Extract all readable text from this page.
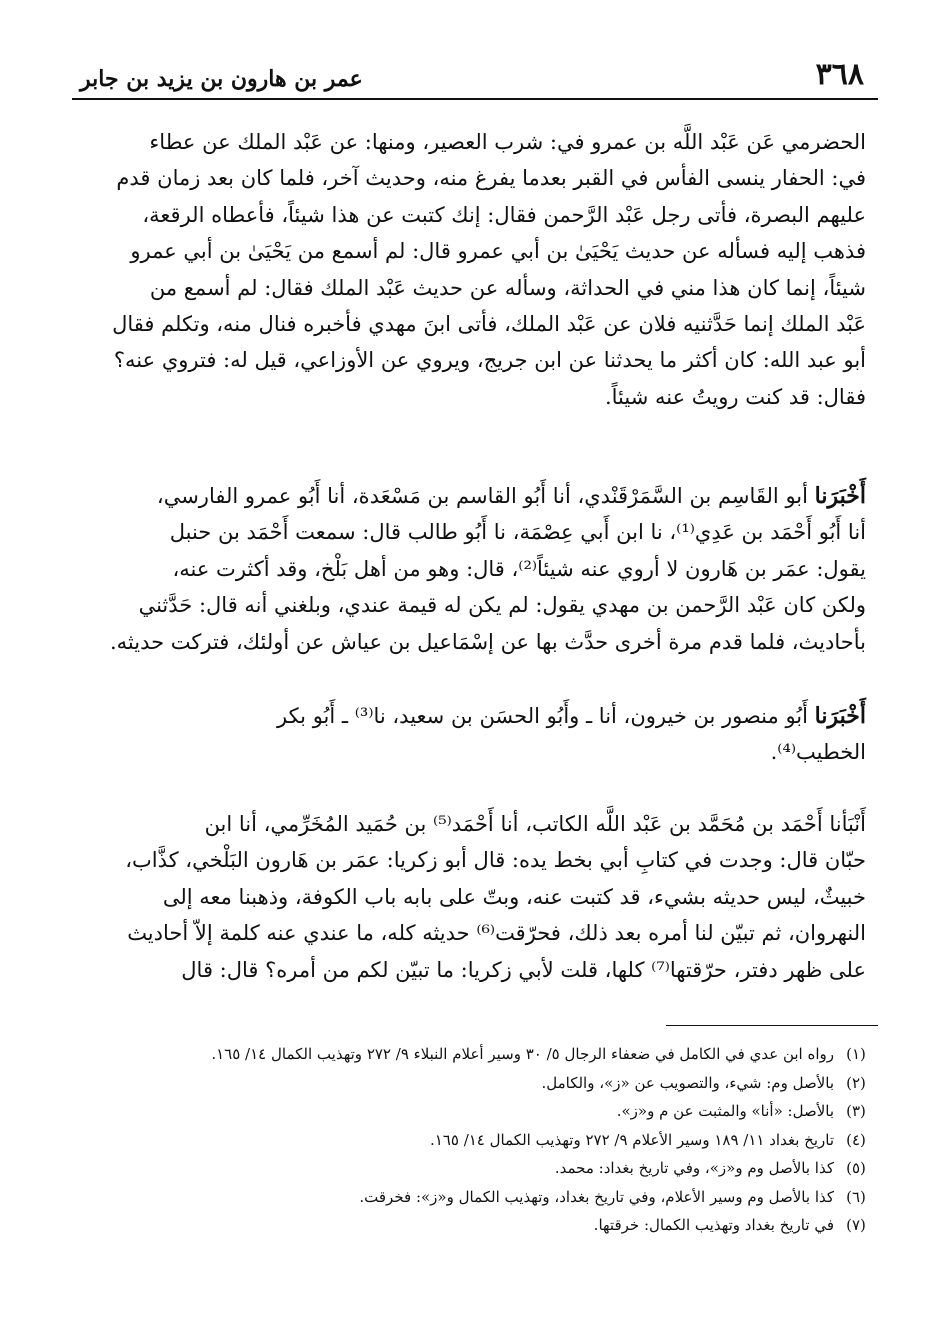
٣٦٨
عمر بن هارون بن يزيد بن جابر

الحضرمي عَن عَبْد اللَّه بن عمرو في: شرب العصير، ومنها: عن عَبْد الملك عن عطاء

في: الحفار ينسى الفأس في القبر بعدما يفرغ منه، وحديث آخر، فلما كان بعد زمان قدم

عليهم البصرة، فأتى رجل عَبْد الرَّحمن فقال: إنك كتبت عن هذا شيئاً، فأعطاه الرقعة،

فذهب إليه فسأله عن حديث يَحْيَىٰ بن أبي عمرو قال: لم أسمع من يَحْيَىٰ بن أبي عمرو

شيئاً، إنما كان هذا مني في الحداثة، وسأله عن حديث عَبْد الملك فقال: لم أسمع من

عَبْد الملك إنما حَدَّثنيه فلان عن عَبْد الملك، فأتى ابنَ مهدي فأخبره فنال منه، وتكلم فقال

أبو عبد الله: كان أكثر ما يحدثنا عن ابن جريج، ويروي عن الأوزاعي، قيل له: فتروي عنه؟

فقال: قد كنت رويتُ عنه شيئاً.

أَخْبَرَنا أبو القَاسِم بن السَّمَرْقَنْدي، أنا أَبُو القاسم بن مَسْعَدة، أنا أَبُو عمرو الفارسي،

أنا أَبُو أَحْمَد بن عَدِي⁽¹⁾، نا ابن أَبي عِصْمَة، نا أَبُو طالب قال: سمعت أَحْمَد بن حنبل

يقول: عمَر بن هَارون لا أروي عنه شيئاً⁽²⁾، قال: وهو من أهل بَلْخ، وقد أكثرت عنه،

ولكن كان عَبْد الرَّحمن بن مهدي يقول: لم يكن له قيمة عندي، وبلغني أنه قال: حَدَّثني

بأحاديث، فلما قدم مرة أخرى حدَّث بها عن إسْمَاعيل بن عياش عن أولئك، فتركت حديثه.

أَخْبَرَنا أَبُو منصور بن خيرون، أنا ـ وأَبُو الحسَن بن سعيد، نا⁽³⁾ ـ أَبُو بكر

الخطيب⁽⁴⁾.

أَنْبَأنا أَحْمَد بن مُحَمَّد بن عَبْد اللَّه الكاتب، أنا أَحْمَد⁽⁵⁾ بن حُمَيد المُخَرِّمي، أنا ابن

حبّان قال: وجدت في كتابِ أبي بخط يده: قال أبو زكريا: عمَر بن هَارون البَلْخي، كذَّاب،

خبيثٌ، ليس حديثه بشيء، قد كتبت عنه، وبتّ على بابه باب الكوفة، وذهبنا معه إلى

النهروان، ثم تبيّن لنا أمره بعد ذلك، فحرّقت⁽⁶⁾ حديثه كله، ما عندي عنه كلمة إلاّ أحاديث

على ظهر دفتر، حرّقتها⁽⁷⁾ كلها، قلت لأبي زكريا: ما تبيّن لكم من أمره؟ قال: قال

(١)
رواه ابن عدي في الكامل في ضعفاء الرجال ٥/ ٣٠ وسير أعلام النبلاء ٩/ ٢٧٢ وتهذيب الكمال ١٤/ ١٦٥.
(٢)
بالأصل وم: شيء، والتصويب عن «ز»، والكامل.
(٣)
بالأصل: «أنا» والمثبت عن م و«ز».
(٤)
تاريخ بغداد ١١/ ١٨٩ وسير الأعلام ٩/ ٢٧٢ وتهذيب الكمال ١٤/ ١٦٥.
(٥)
كذا بالأصل وم و«ز»، وفي تاريخ بغداد: محمد.
(٦)
كذا بالأصل وم وسير الأعلام، وفي تاريخ بغداد، وتهذيب الكمال و«ز»: فخرقت.
(٧)
في تاريخ بغداد وتهذيب الكمال: خرقتها.
